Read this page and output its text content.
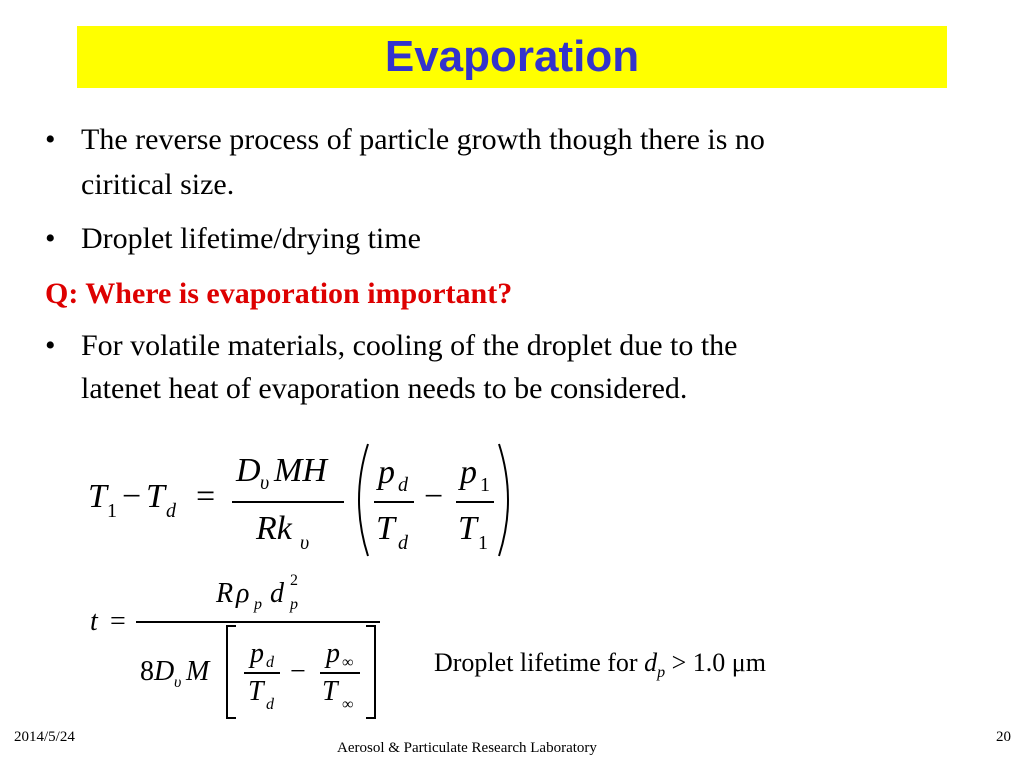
Evaporation
• The reverse process of particle growth though there is no
ciritical size.
• Droplet lifetime/drying time
Q: Where is evaporation important?
• For volatile materials, cooling of the droplet due to the
latenet heat of evaporation needs to be considered.
T 1 − T d =
D υ MH
Rk υ
p d
T d
−
p 1
T 1
t =
R ρ p d 2
p
8 D υ M
p d
T d
−
p ∞
T ∞
Droplet lifetime for $d_p > 1.0$ μm
2014/5/24
Aerosol & Particulate Research Laboratory
20
